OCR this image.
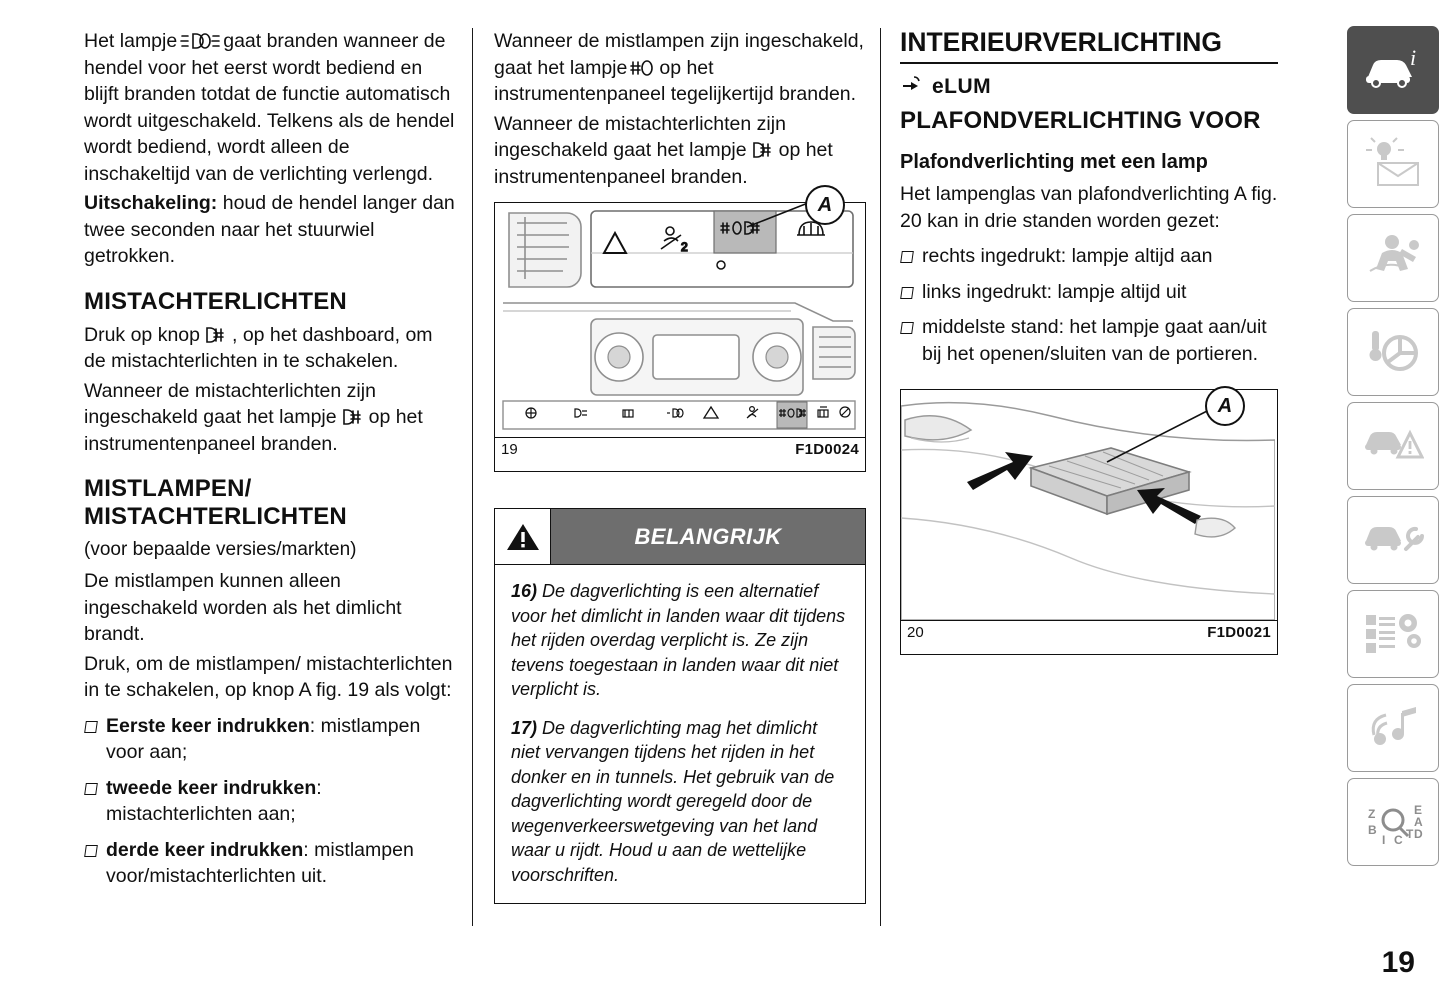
Het lampje gaat branden wanneer de hendel voor het eerst wordt bediend en blijft branden totdat de functie automatisch wordt uitgeschakeld. Telkens als de hendel wordt bediend, wordt alleen de inschakeltijd van de verlichting verlengd.

Uitschakeling: houd de hendel langer dan twee seconden naar het stuurwiel getrokken.

MISTACHTERLICHTEN

Druk op knop , op het dashboard, om de mistachterlichten in te schakelen.

Wanneer de mistachterlichten zijn ingeschakeld gaat het lampje op het instrumentenpaneel branden.

MISTLAMPEN/ MISTACHTERLICHTEN
(voor bepaalde versies/markten)

De mistlampen kunnen alleen ingeschakeld worden als het dimlicht brandt.

Druk, om de mistlampen/ mistachterlichten in te schakelen, op knop A fig. 19 als volgt:

Eerste keer indrukken: mistlampen voor aan;
tweede keer indrukken: mistachterlichten aan;
derde keer indrukken: mistlampen voor/mistachterlichten uit.

Wanneer de mistlampen zijn ingeschakeld, gaat het lampje op het instrumentenpaneel tegelijkertijd branden.

Wanneer de mistachterlichten zijn ingeschakeld gaat het lampje op het instrumentenpaneel branden.

2
A
19	F1D0024
BELANGRIJK

16) De dagverlichting is een alternatief voor het dimlicht in landen waar dit tijdens het rijden overdag verplicht is. Ze zijn tevens toegestaan in landen waar dit niet verplicht is.

17) De dagverlichting mag het dimlicht niet vervangen tijdens het rijden in het donker en in tunnels. Het gebruik van de dagverlichting wordt geregeld door de wegenverkeerswetgeving van het land waar u rijdt. Houd u aan de wettelijke voorschriften.

INTERIEURVERLICHTING
eLUM
PLAFONDVERLICHTING VOOR
Plafondverlichting met een lamp

Het lampenglas van plafondverlichting A fig. 20 kan in drie standen worden gezet:

rechts ingedrukt: lampje altijd aan
links ingedrukt: lampje altijd uit
middelste stand: het lampje gaat aan/uit bij het openen/sluiten van de portieren.
A
20	F1D0021
i
Z
B
I C T
E
A
D
19
